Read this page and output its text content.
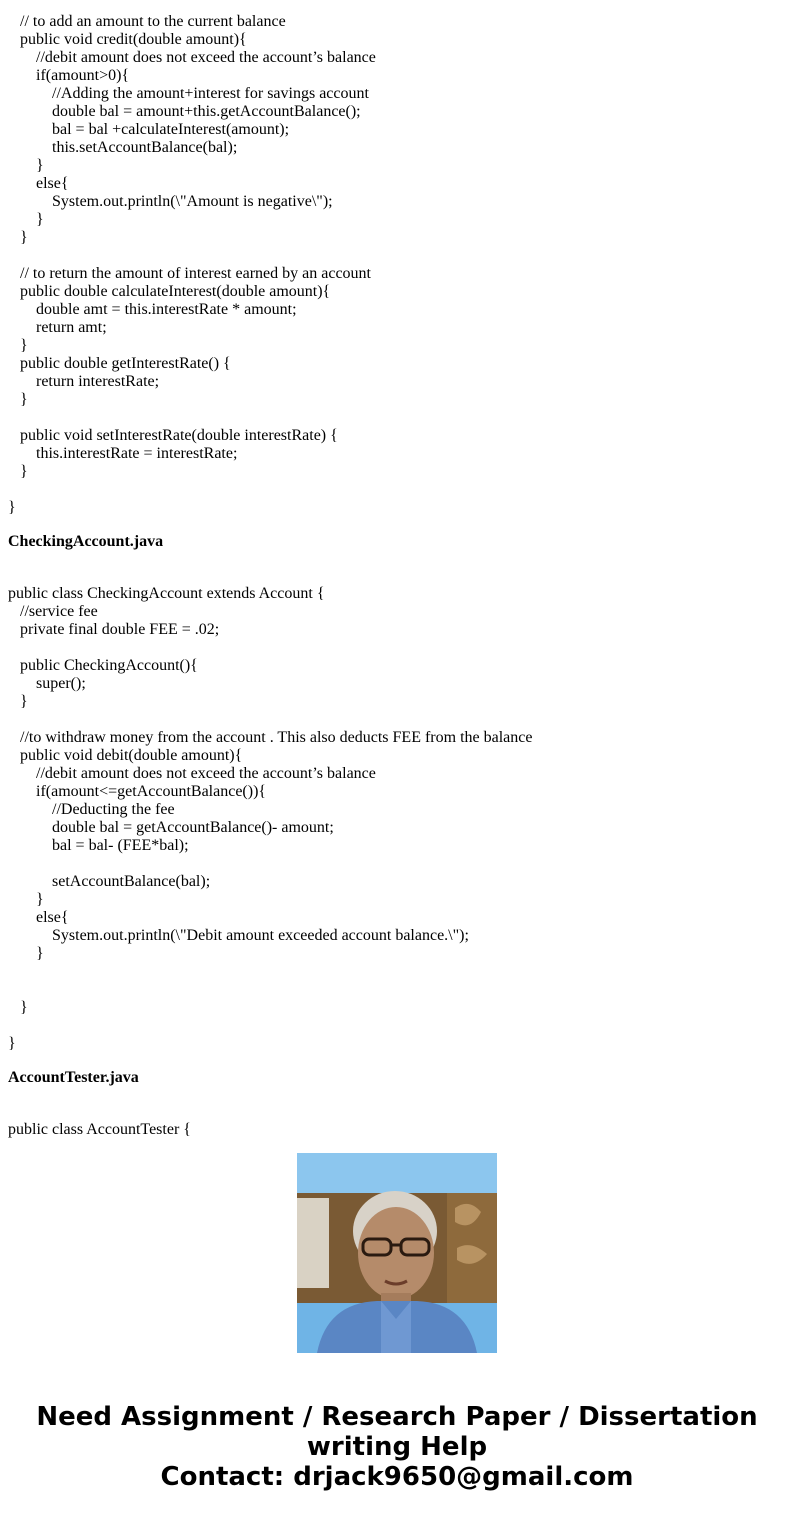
// to add an amount to the current balance
public void credit(double amount){
//debit amount does not exceed the account’s balance
if(amount>0){
//Adding the amount+interest for savings account
double bal = amount+this.getAccountBalance();
bal = bal +calculateInterest(amount);
this.setAccountBalance(bal);
}
else{
System.out.println(\"Amount is negative\");
}
}
// to return the amount of interest earned by an account
public double calculateInterest(double amount){
double amt = this.interestRate * amount;
return amt;
}
public double getInterestRate() {
return interestRate;
}
public void setInterestRate(double interestRate) {
this.interestRate = interestRate;
}
}
CheckingAccount.java
public class CheckingAccount extends Account {
//service fee
private final double FEE = .02;
public CheckingAccount(){
super();
}
//to withdraw money from the account . This also deducts FEE from the balance
public void debit(double amount){
//debit amount does not exceed the account’s balance
if(amount<=getAccountBalance()){
//Deducting the fee
double bal = getAccountBalance()- amount;
bal = bal- (FEE*bal);
setAccountBalance(bal);
}
else{
System.out.println(\"Debit amount exceeded account balance.\");
}
}
}
AccountTester.java
public class AccountTester {
Need Assignment / Research Paper / Dissertation
writing Help
Contact: drjack9650@gmail.com
